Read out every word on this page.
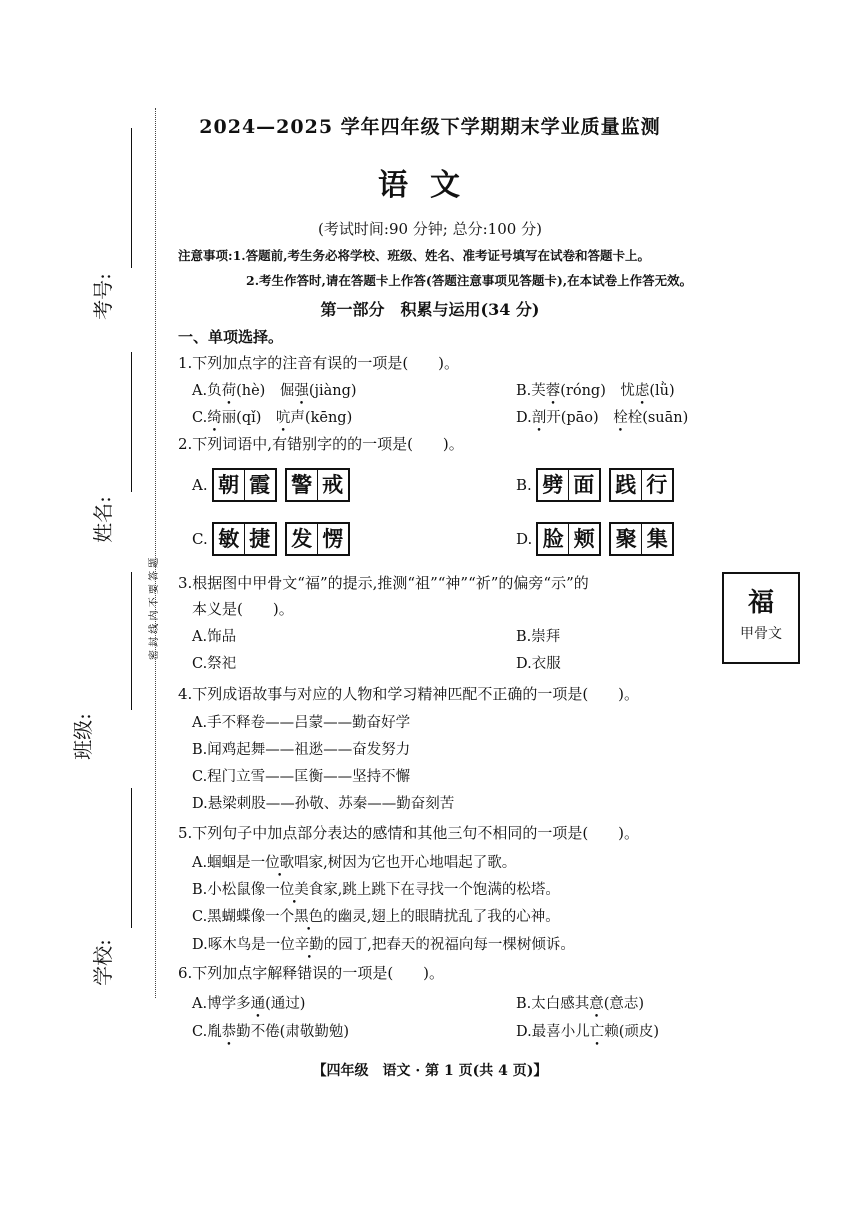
考号:
姓名:
班级:
学校:
密 封 线 内 不 要 答 题
2024—2025 学年四年级下学期期末学业质量监测
语文
(考试时间:90 分钟; 总分:100 分)
注意事项:1.答题前,考生务必将学校、班级、姓名、准考证号填写在试卷和答题卡上。
2.考生作答时,请在答题卡上作答(答题注意事项见答题卡),在本试卷上作答无效。
第一部分　积累与运用(34 分)
一、单项选择。
1.下列加点字的注音有误的一项是(　　)。
A.负荷(hè)　倔强(jiàng)	B.芙蓉(róng)　忧虑(lǜ)
C.绮丽(qǐ)　吭声(kēng)	D.剖开(pāo)　栓栓(suān)
2.下列词语中,有错别字的的一项是(　　)。
A. 朝 霞 警 戒	B. 劈 面 践 行
C. 敏 捷 发 愣	D. 脸 颊 聚 集
3.根据图中甲骨文“福”的提示,推测“祖”“神”“祈”的偏旁“示”的
本义是(　　)。
A.饰品	B.崇拜
C.祭祀	D.衣服
福
甲骨文
4.下列成语故事与对应的人物和学习精神匹配不正确的一项是(　　)。
A.手不释卷——吕蒙——勤奋好学
B.闻鸡起舞——祖逖——奋发努力
C.程门立雪——匡衡——坚持不懈
D.悬梁刺股——孙敬、苏秦——勤奋刻苦
5.下列句子中加点部分表达的感情和其他三句不相同的一项是(　　)。
A.蝈蝈是一位歌唱家 •,树因为它也开心地唱起了歌。
B.小松鼠像一位美食家 •,跳上跳下在寻找一个饱满的松塔。
C.黑蝴蝶像一个黑色的幽灵 •,翅上的眼睛扰乱了我的心神。
D.啄木鸟是一位辛勤的园丁 •,把春天的祝福向每一棵树倾诉。
6.下列加点字解释错误的一项是(　　)。
A.博学多通(通过)	B.太白感其意(意志)
C.胤恭勤不倦(肃敬勤勉)	D.最喜小儿亡赖(顽皮)
【四年级　语文 · 第 1 页(共 4 页)】
